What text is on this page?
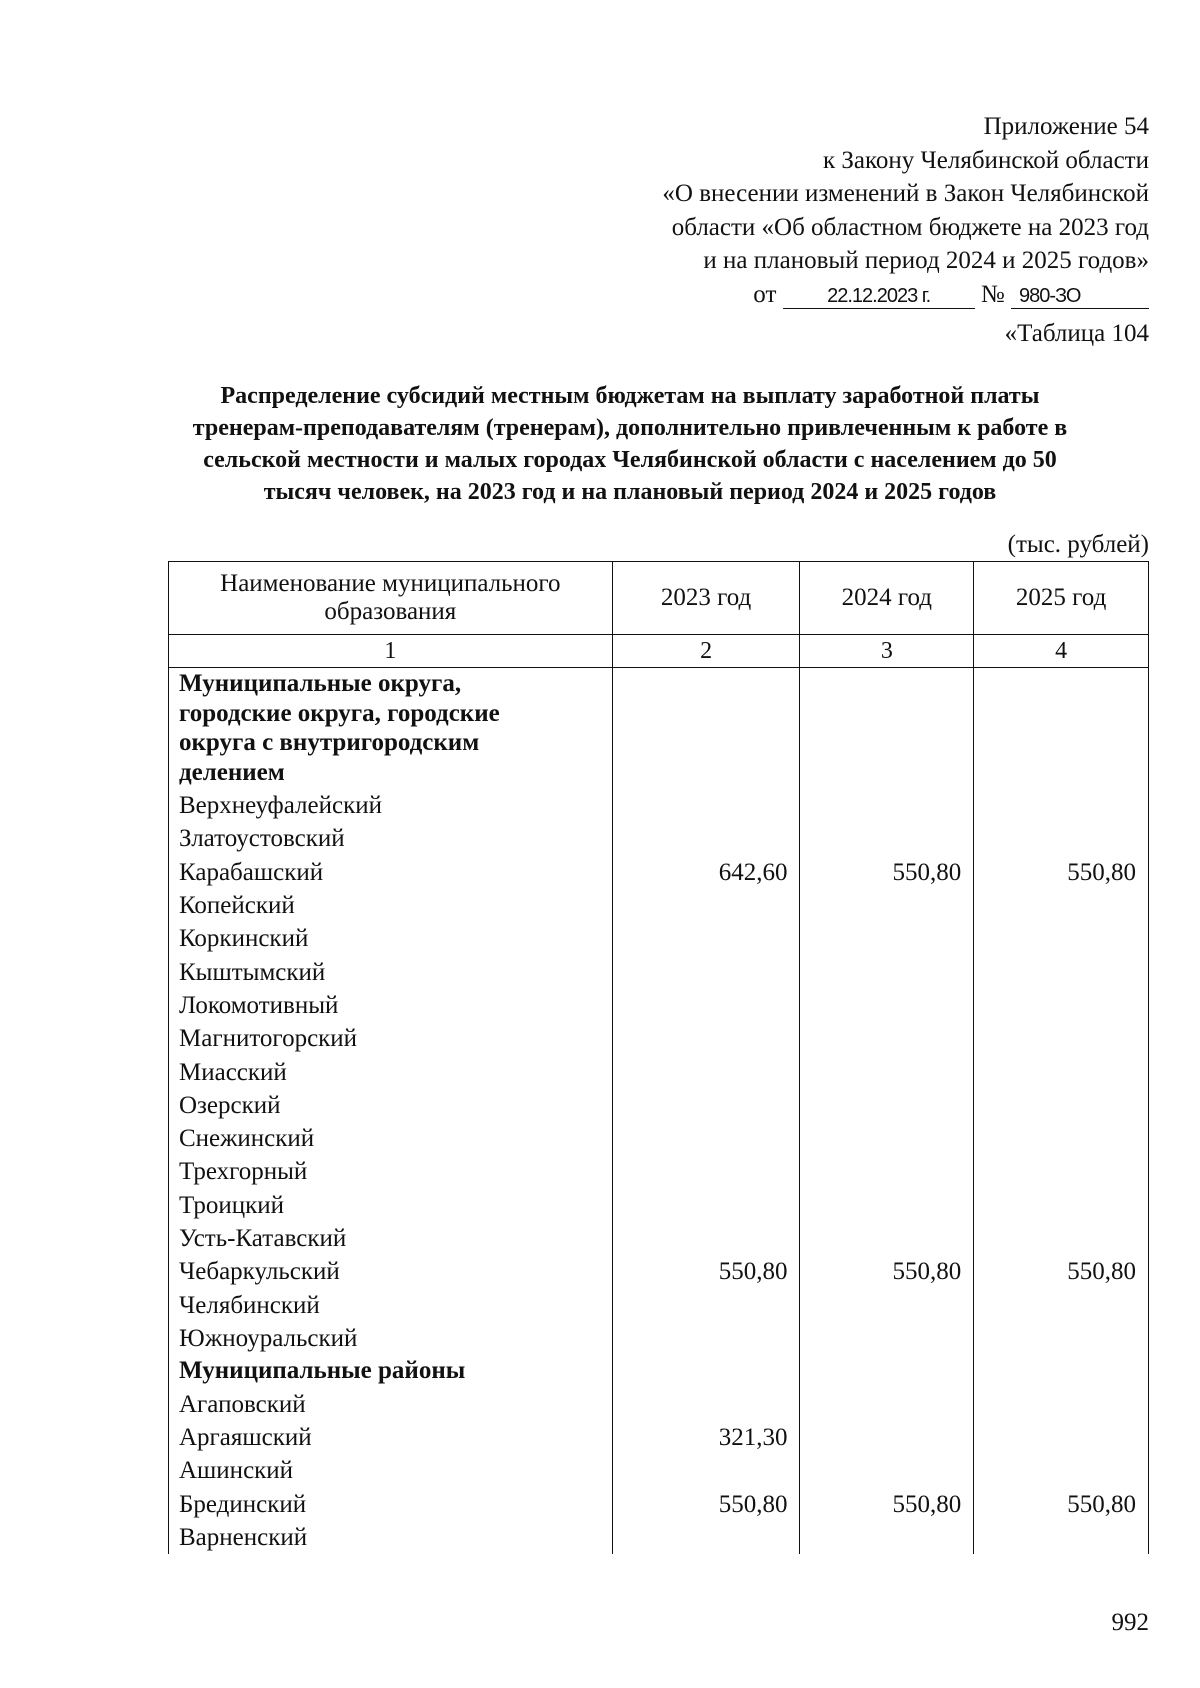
Приложение 54
к Закону Челябинской области
«О внесении изменений в Закон Челябинской
области «Об областном бюджете на 2023 год
и на плановый период 2024 и 2025 годов»
от	22.12.2023 г. № 980-ЗО
«Таблица 104
Распределение субсидий местным бюджетам на выплату заработной платы
тренерам-преподавателям (тренерам), дополнительно привлеченным к работе в
сельской местности и малых городах Челябинской области с населением до 50
тысяч человек, на 2023 год и на плановый период 2024 и 2025 годов
(тыс. рублей)
Наименование муниципального образования	2023 год	2024 год	2025 год
1	2	3	4

Муниципальные округа,
городские округа, городские
округа с внутригородским
делением			

Верхнеуфалейский			
Златоустовский			
Карабашский	642,60	550,80	550,80
Копейский			
Коркинский			
Кыштымский			
Локомотивный			
Магнитогорский			
Миасский			
Озерский			
Снежинский			
Трехгорный			
Троицкий			
Усть-Катавский			
Чебаркульский	550,80	550,80	550,80
Челябинский			
Южноуральский			

Муниципальные районы			

Агаповский			
Аргаяшский	321,30		
Ашинский			
Брединский	550,80	550,80	550,80
Варненский			
992
